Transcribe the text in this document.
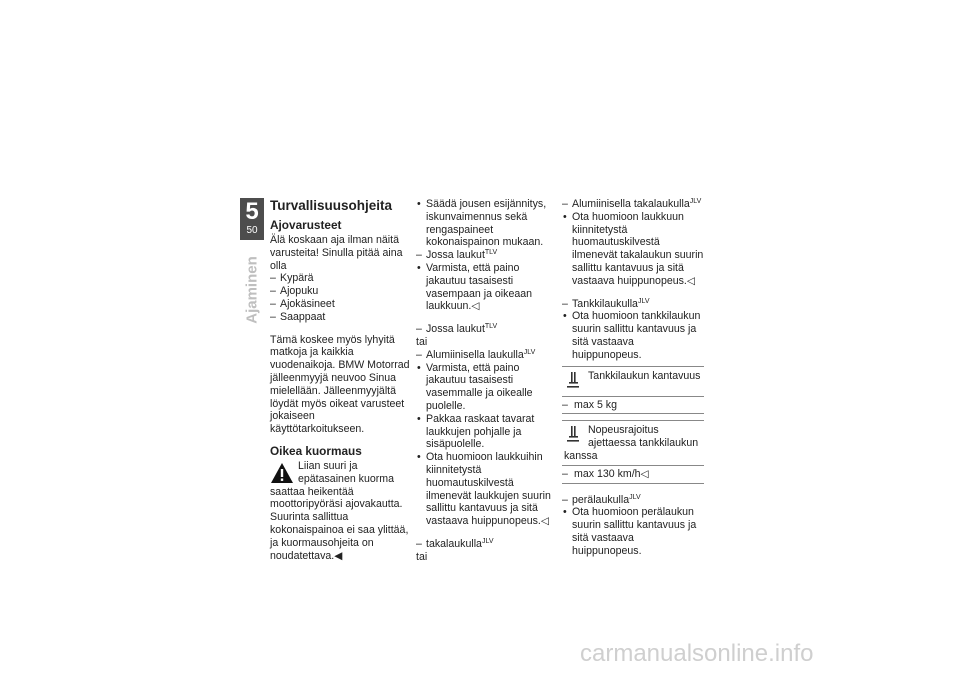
5
50
Ajaminen
Turvallisuusohjeita
Ajovarusteet

Älä koskaan aja ilman näitä varusteita! Sinulla pitää aina olla

– Kypärä

– Ajopuku

– Ajokäsineet

– Saappaat

Tämä koskee myös lyhyitä matkoja ja kaikkia vuodenaikoja. BMW Motorrad jälleenmyyjä neuvoo Sinua mielellään. Jälleenmyyjältä löydät myös oikeat varusteet jokaiseen käyttötarkoitukseen.

Oikea kuormaus
Liian suuri ja epätasainen kuorma saattaa heikentää moottoripyöräsi ajovakautta. Suurinta sallittua kokonaispainoa ei saa ylittää, ja kuormausohjeita on noudatettava.◀

• Säädä jousen esijännitys, iskunvaimennus sekä rengaspaineet kokonaispainon mukaan.

– Jossa laukut$^{TLV}$

• Varmista, että paino jakautuu tasaisesti vasempaan ja oikeaan laukkuun.◁

– Jossa laukut$^{TLV}$

tai

– Alumiinisella laukulla$^{JLV}$

• Varmista, että paino jakautuu tasaisesti vasemmalle ja oikealle puolelle.

• Pakkaa raskaat tavarat laukkujen pohjalle ja sisäpuolelle.

• Ota huomioon laukkuihin kiinnitetystä huomautuskilvestä ilmenevät laukkujen suurin sallittu kantavuus ja sitä vastaava huippunopeus.◁

– takalaukulla$^{JLV}$

tai

– Alumiinisella takalaukulla$^{JLV}$

• Ota huomioon laukkuun kiinnitetystä huomautuskilvestä ilmenevät takalaukun suurin sallittu kantavuus ja sitä vastaava huippunopeus.◁

– Tankkilaukulla$^{JLV}$

• Ota huomioon tankkilaukun suurin sallittu kantavuus ja sitä vastaava huippunopeus.

Tankkilaukun kantavuus
– max 5 kg
Nopeusrajoitus ajettaessa tankkilaukun
kanssa
– max 130 km/h◁

– perälaukulla$^{JLV}$

• Ota huomioon perälaukun suurin sallittu kantavuus ja sitä vastaava huippunopeus.

carmanualsonline.info
